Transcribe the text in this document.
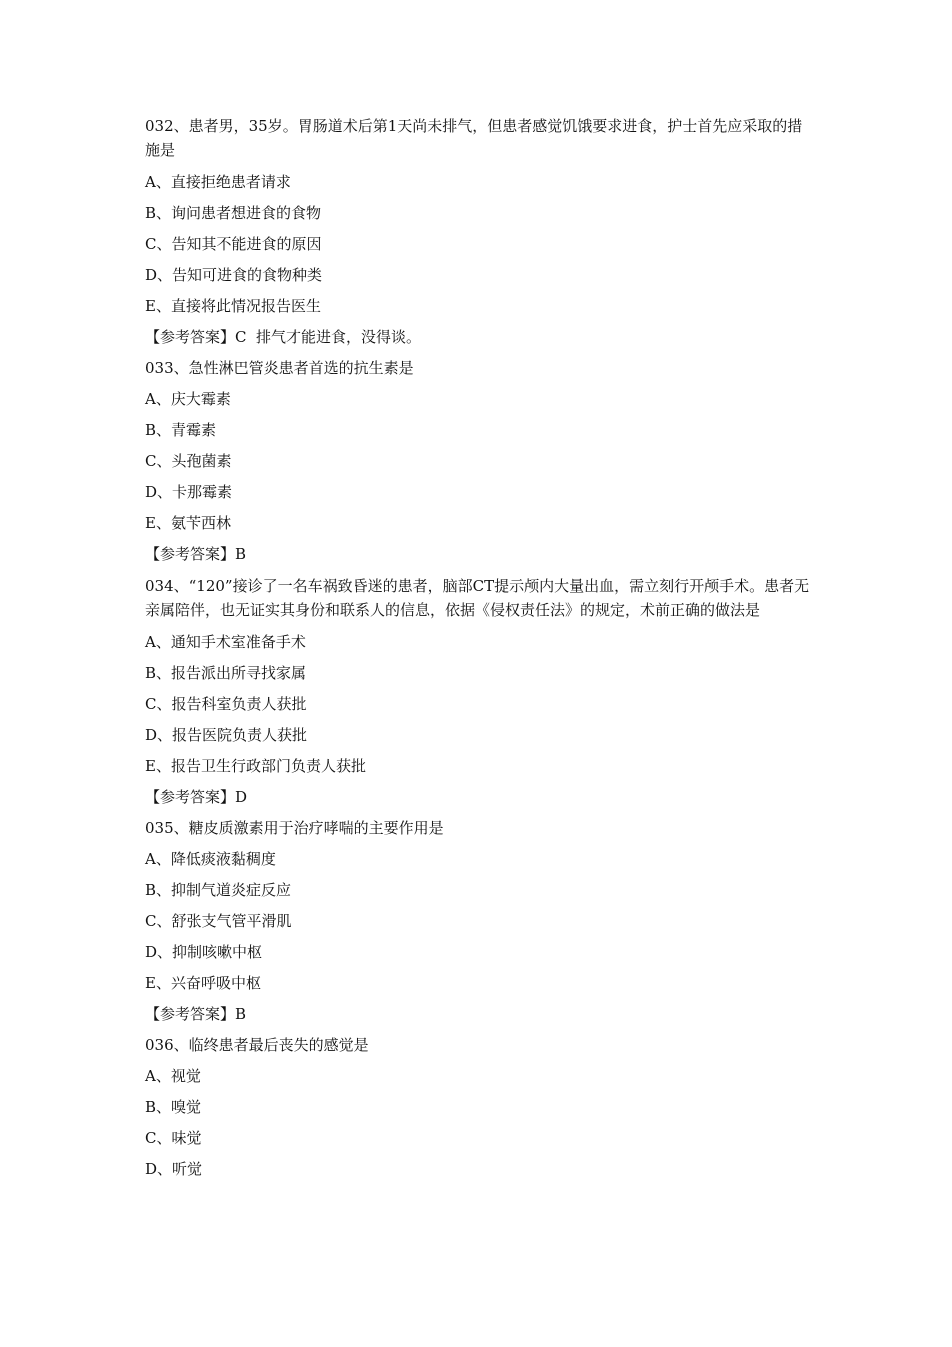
032、患者男，35岁。胃肠道术后第1天尚未排气，但患者感觉饥饿要求进食，护士首先应采取的措施是
A、直接拒绝患者请求
B、询问患者想进食的食物
C、告知其不能进食的原因
D、告知可进食的食物种类
E、直接将此情况报告医生
【参考答案】C  排气才能进食，没得谈。
033、急性淋巴管炎患者首选的抗生素是
A、庆大霉素
B、青霉素
C、头孢菌素
D、卡那霉素
E、氨苄西林
【参考答案】B
034、“120”接诊了一名车祸致昏迷的患者，脑部CT提示颅内大量出血，需立刻行开颅手术。患者无亲属陪伴，也无证实其身份和联系人的信息，依据《侵权责任法》的规定，术前正确的做法是
A、通知手术室准备手术
B、报告派出所寻找家属
C、报告科室负责人获批
D、报告医院负责人获批
E、报告卫生行政部门负责人获批
【参考答案】D
035、糖皮质激素用于治疗哮喘的主要作用是
A、降低痰液黏稠度
B、抑制气道炎症反应
C、舒张支气管平滑肌
D、抑制咳嗽中枢
E、兴奋呼吸中枢
【参考答案】B
036、临终患者最后丧失的感觉是
A、视觉
B、嗅觉
C、味觉
D、听觉
